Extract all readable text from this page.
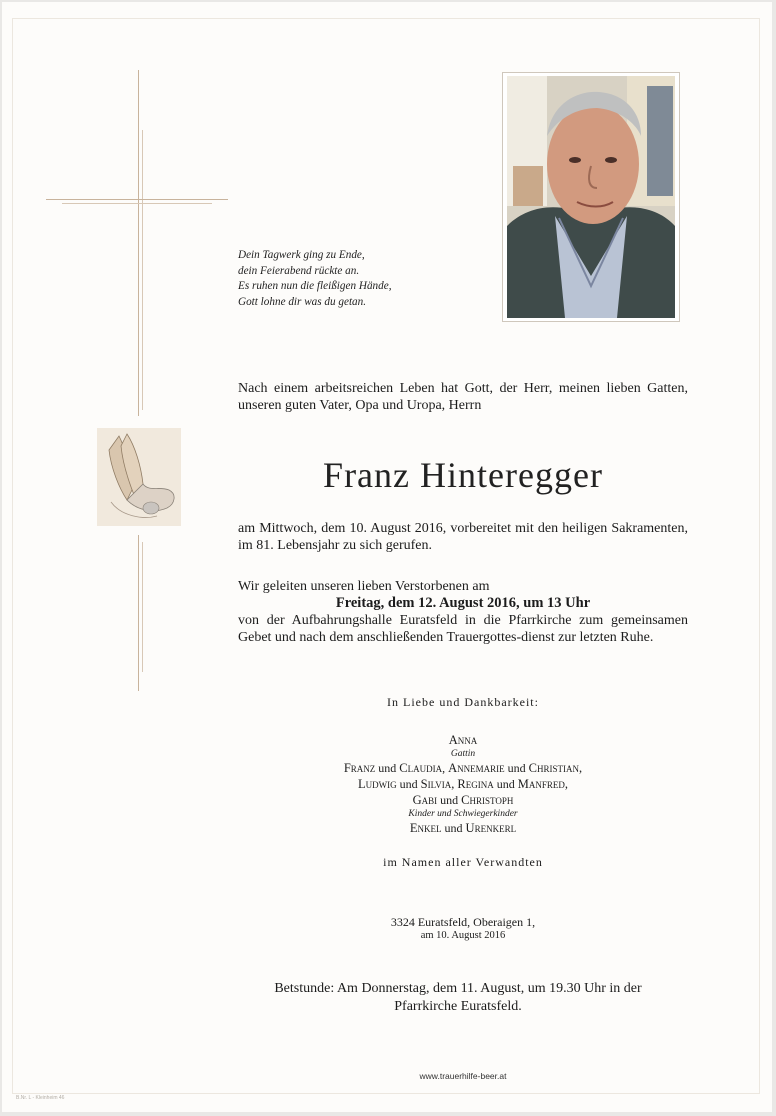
Dein Tagwerk ging zu Ende,
dein Feierabend rückte an.
Es ruhen nun die fleißigen Hände,
Gott lohne dir was du getan.
Nach einem arbeitsreichen Leben hat Gott, der Herr, meinen lieben Gatten, unseren guten Vater, Opa und Uropa, Herrn
Franz Hinteregger
am Mittwoch, dem 10. August 2016, vorbereitet mit den heiligen Sakramenten, im 81. Lebensjahr zu sich gerufen.
Wir geleiten unseren lieben Verstorbenen am
Freitag, dem 12. August 2016, um 13 Uhr
von der Aufbahrungshalle Euratsfeld in die Pfarrkirche zum gemeinsamen Gebet und nach dem anschließenden Trauergottes-dienst zur letzten Ruhe.
In Liebe und Dankbarkeit:
Anna
Gattin
Franz und Claudia, Annemarie und Christian,
Ludwig und Silvia, Regina und Manfred,
Gabi und Christoph
Kinder und Schwiegerkinder
Enkel und Urenkerl
im Namen aller Verwandten
3324 Euratsfeld, Oberaigen 1,
am 10. August 2016
Betstunde: Am Donnerstag, dem 11. August, um 19.30 Uhr in der
Pfarrkirche Euratsfeld.
www.trauerhilfe-beer.at
B.Nr. L - Kleinheim 46
